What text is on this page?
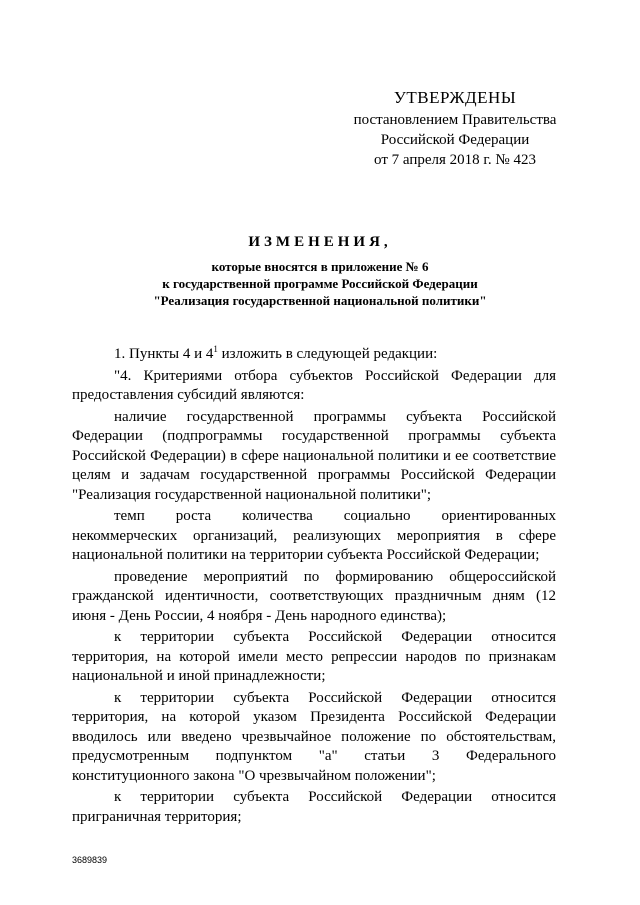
УТВЕРЖДЕНЫ
постановлением Правительства
Российской Федерации
от 7 апреля 2018 г. № 423
ИЗМЕНЕНИЯ,
которые вносятся в приложение № 6
к государственной программе Российской Федерации
"Реализация государственной национальной политики"

1. Пункты 4 и $4^1$ изложить в следующей редакции:

"4. Критериями отбора субъектов Российской Федерации для предоставления субсидий являются:

наличие государственной программы субъекта Российской Федерации (подпрограммы государственной программы субъекта Российской Федерации) в сфере национальной политики и ее соответствие целям и задачам государственной программы Российской Федерации "Реализация государственной национальной политики";

темп роста количества социально ориентированных некоммерческих организаций, реализующих мероприятия в сфере национальной политики на территории субъекта Российской Федерации;

проведение мероприятий по формированию общероссийской гражданской идентичности, соответствующих праздничным дням (12 июня - День России, 4 ноября - День народного единства);

к территории субъекта Российской Федерации относится территория, на которой имели место репрессии народов по признакам национальной и иной принадлежности;

к территории субъекта Российской Федерации относится территория, на которой указом Президента Российской Федерации вводилось или введено чрезвычайное положение по обстоятельствам, предусмотренным подпунктом "а" статьи 3 Федерального конституционного закона "О чрезвычайном положении";

к территории субъекта Российской Федерации относится приграничная территория;

3689839
